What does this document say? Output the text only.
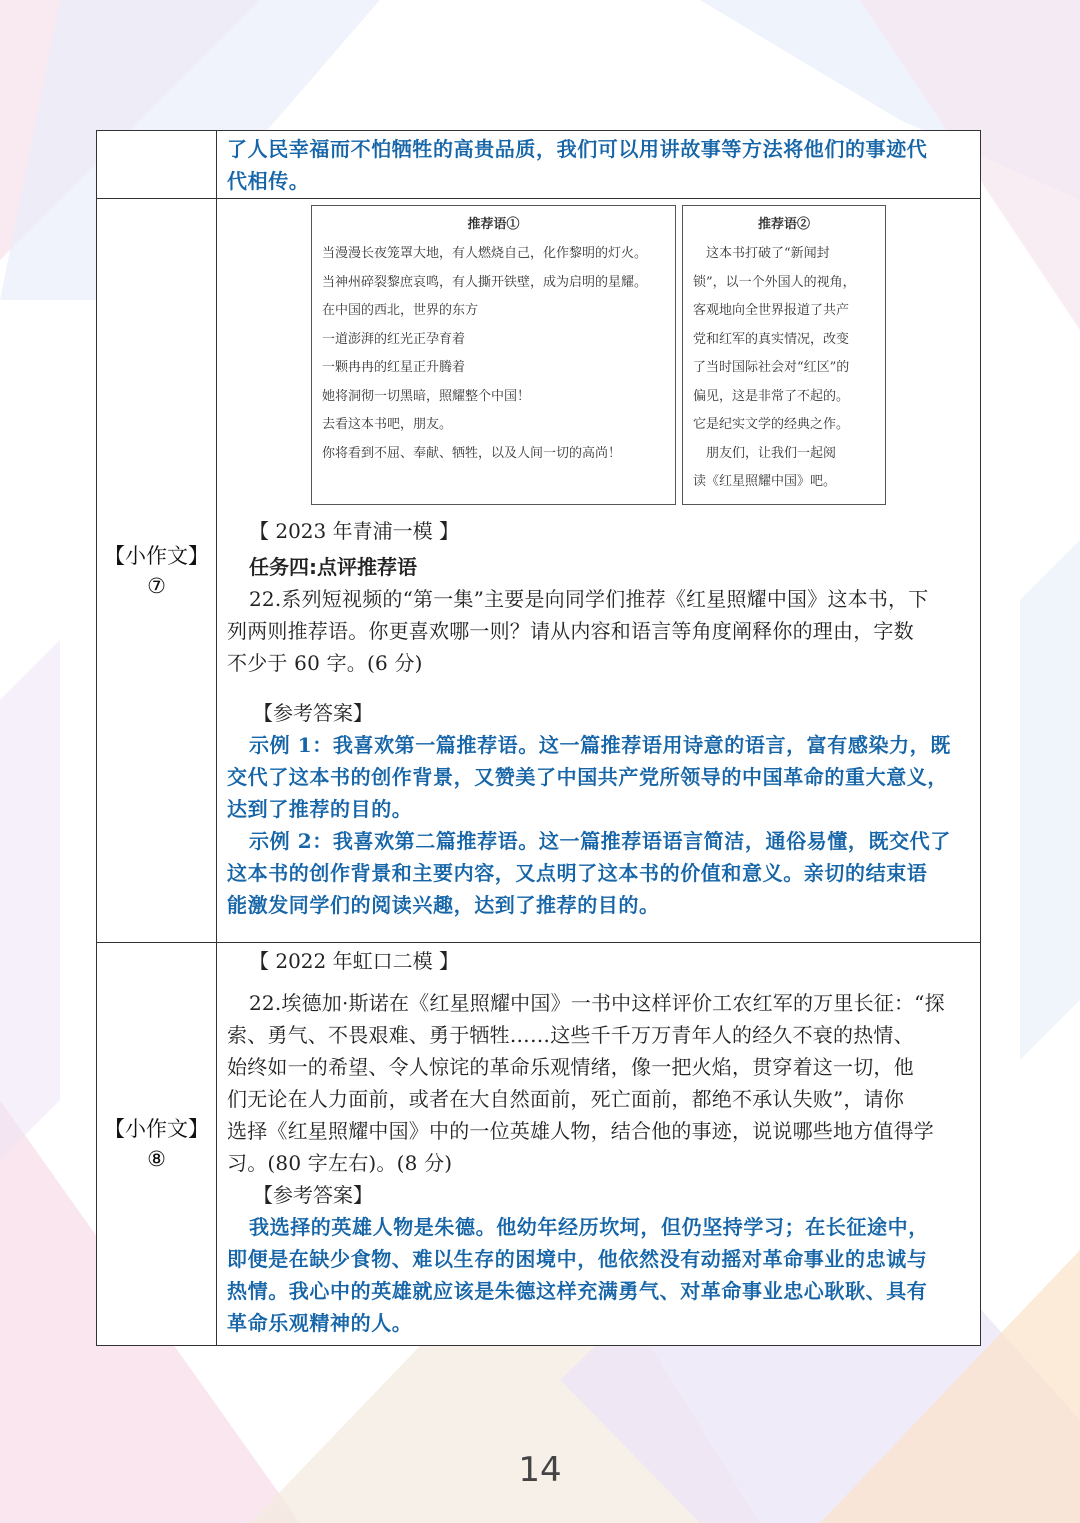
14
了人民幸福而不怕牺牲的高贵品质，我们可以用讲故事等方法将他们的事迹代
代相传。
【小作文】
⑦
推荐语①
当漫漫长夜笼罩大地，有人燃烧自己，化作黎明的灯火。
当神州碎裂黎庶哀鸣，有人撕开铁壁，成为启明的星耀。
在中国的西北，世界的东方
一道澎湃的红光正孕育着
一颗冉冉的红星正升腾着
她将洞彻一切黑暗，照耀整个中国！
去看这本书吧，朋友。
你将看到不屈、奉献、牺牲，以及人间一切的高尚！
推荐语②
　这本书打破了“新闻封
锁”，以一个外国人的视角，
客观地向全世界报道了共产
党和红军的真实情况，改变
了当时国际社会对“红区”的
偏见，这是非常了不起的。
它是纪实文学的经典之作。
　朋友们，让我们一起阅
读《红星照耀中国》吧。
【 2023 年青浦一模 】
任务四:点评推荐语
22.系列短视频的“第一集”主要是向同学们推荐《红星照耀中国》这本书，下
列两则推荐语。你更喜欢哪一则？请从内容和语言等角度阐释你的理由，字数
不少于 60 字。(6 分)
【参考答案】
示例 1：我喜欢第一篇推荐语。这一篇推荐语用诗意的语言，富有感染力，既
交代了这本书的创作背景，又赞美了中国共产党所领导的中国革命的重大意义，
达到了推荐的目的。
示例 2：我喜欢第二篇推荐语。这一篇推荐语语言简洁，通俗易懂，既交代了
这本书的创作背景和主要内容，又点明了这本书的价值和意义。亲切的结束语
能激发同学们的阅读兴趣，达到了推荐的目的。
【小作文】
⑧
【 2022 年虹口二模 】
22.埃德加·斯诺在《红星照耀中国》一书中这样评价工农红军的万里长征：“探
索、勇气、不畏艰难、勇于牺牲……这些千千万万青年人的经久不衰的热情、
始终如一的希望、令人惊诧的革命乐观情绪，像一把火焰，贯穿着这一切，他
们无论在人力面前，或者在大自然面前，死亡面前，都绝不承认失败”，请你
选择《红星照耀中国》中的一位英雄人物，结合他的事迹，说说哪些地方值得学
习。(80 字左右)。(8 分)
【参考答案】
我选择的英雄人物是朱德。他幼年经历坎坷，但仍坚持学习；在长征途中，
即便是在缺少食物、难以生存的困境中，他依然没有动摇对革命事业的忠诚与
热情。我心中的英雄就应该是朱德这样充满勇气、对革命事业忠心耿耿、具有
革命乐观精神的人。
